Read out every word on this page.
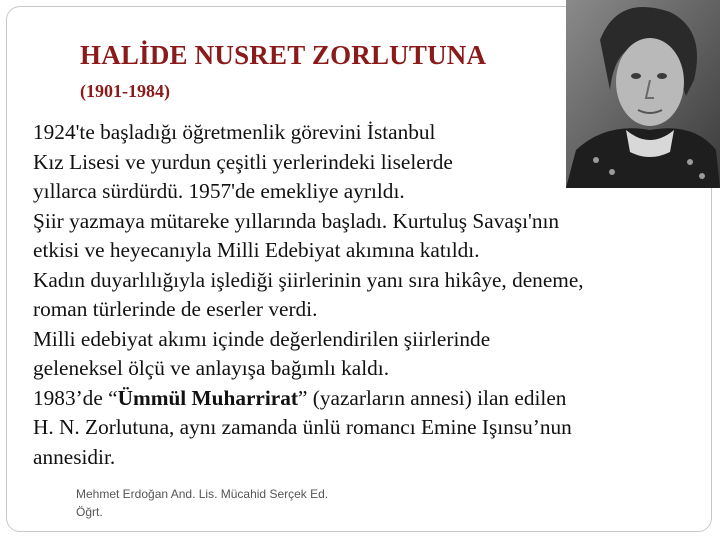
HALİDE NUSRET ZORLUTUNA
(1901-1984)
1924'te başladığı öğretmenlik görevini İstanbul
Kız Lisesi ve yurdun çeşitli yerlerindeki liselerde
yıllarca sürdürdü. 1957'de emekliye ayrıldı.
Şiir yazmaya mütareke yıllarında başladı. Kurtuluş Savaşı'nın
etkisi ve heyecanıyla Milli Edebiyat akımına katıldı.
Kadın duyarlılığıyla işlediği şiirlerinin yanı sıra hikâye, deneme,
roman türlerinde de eserler verdi.
Milli edebiyat akımı içinde değerlendirilen şiirlerinde
geleneksel ölçü ve anlayışa bağımlı kaldı.
1983’de “Ümmül Muharrirat” (yazarların annesi) ilan edilen
H. N. Zorlutuna, aynı zamanda ünlü romancı Emine Işınsu’nun
annesidir.
Mehmet Erdoğan And. Lis. Mücahid Serçek Ed.
Öğrt.
